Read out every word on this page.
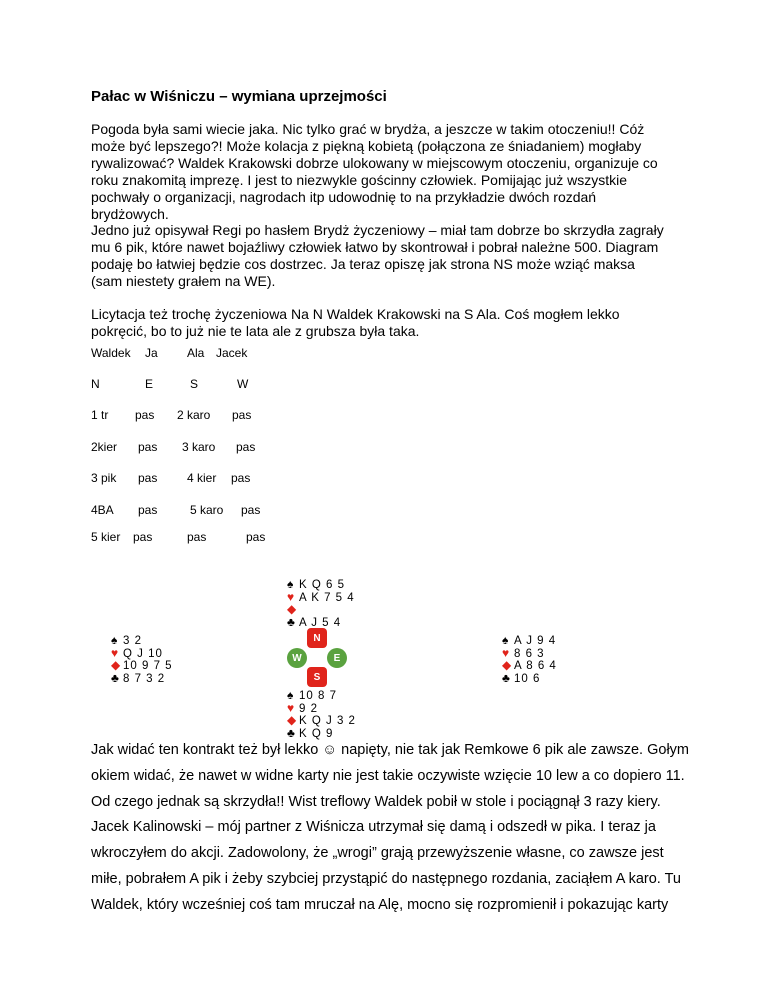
Pałac w Wiśniczu – wymiana uprzejmości
Pogoda była sami wiecie jaka. Nic tylko grać w brydża, a jeszcze w takim otoczeniu!! Cóż
może być lepszego?! Może kolacja z piękną kobietą (połączona ze śniadaniem) mogłaby
rywalizować? Waldek Krakowski dobrze ulokowany w miejscowym otoczeniu, organizuje co
roku znakomitą imprezę. I jest to niezwykle gościnny człowiek. Pomijając już wszystkie
pochwały o organizacji, nagrodach itp udowodnię to na przykładzie dwóch rozdań
brydżowych.
Jedno już opisywał Regi po hasłem Brydż życzeniowy – miał tam dobrze bo skrzydła zagrały
mu 6 pik, które nawet bojaźliwy człowiek łatwo by skontrował i pobrał należne 500. Diagram
podaję bo łatwiej będzie cos dostrzec. Ja teraz opiszę jak strona NS może wziąć maksa
(sam niestety grałem na WE).
Licytacja też trochę życzeniowa Na N Waldek Krakowski na S Ala. Coś mogłem lekko
pokręcić, bo to już nie te lata ale z grubsza była taka.
Waldek Ja Ala Jacek
N	E	S	W
1 tr pas 2 karo pas
2kier pas 3 karo pas
3 pik pas 4 kier pas
4BA pas	5 karo pas
5 kier pas	pas	pas
♠ K Q 6 5
♥ A K 7 5 4
◆
♣ A J 5 4
♠ 3 2
♥ Q J 10
◆ 10 9 7 5
♣ 8 7 3 2
♠ A J 9 4
♥ 8 6 3
◆ A 8 6 4
♣ 10 6
♠ 10 8 7
♥ 9 2
◆ K Q J 3 2
♣ K Q 9
N
W	E
S
Jak widać ten kontrakt też był lekko ☺ napięty, nie tak jak Remkowe 6 pik ale zawsze. Gołym
okiem widać, że nawet w widne karty nie jest takie oczywiste wzięcie 10 lew a co dopiero 11.
Od czego jednak są skrzydła!! Wist treflowy Waldek pobił w stole i pociągnął 3 razy kiery.
Jacek Kalinowski – mój partner z Wiśnicza utrzymał się damą i odszedł w pika. I teraz ja
wkroczyłem do akcji. Zadowolony, że „wrogi” grają przewyższenie własne, co zawsze jest
miłe, pobrałem A pik i żeby szybciej przystąpić do następnego rozdania, zaciąłem A karo. Tu
Waldek, który wcześniej coś tam mruczał na Alę, mocno się rozpromienił i pokazując karty
